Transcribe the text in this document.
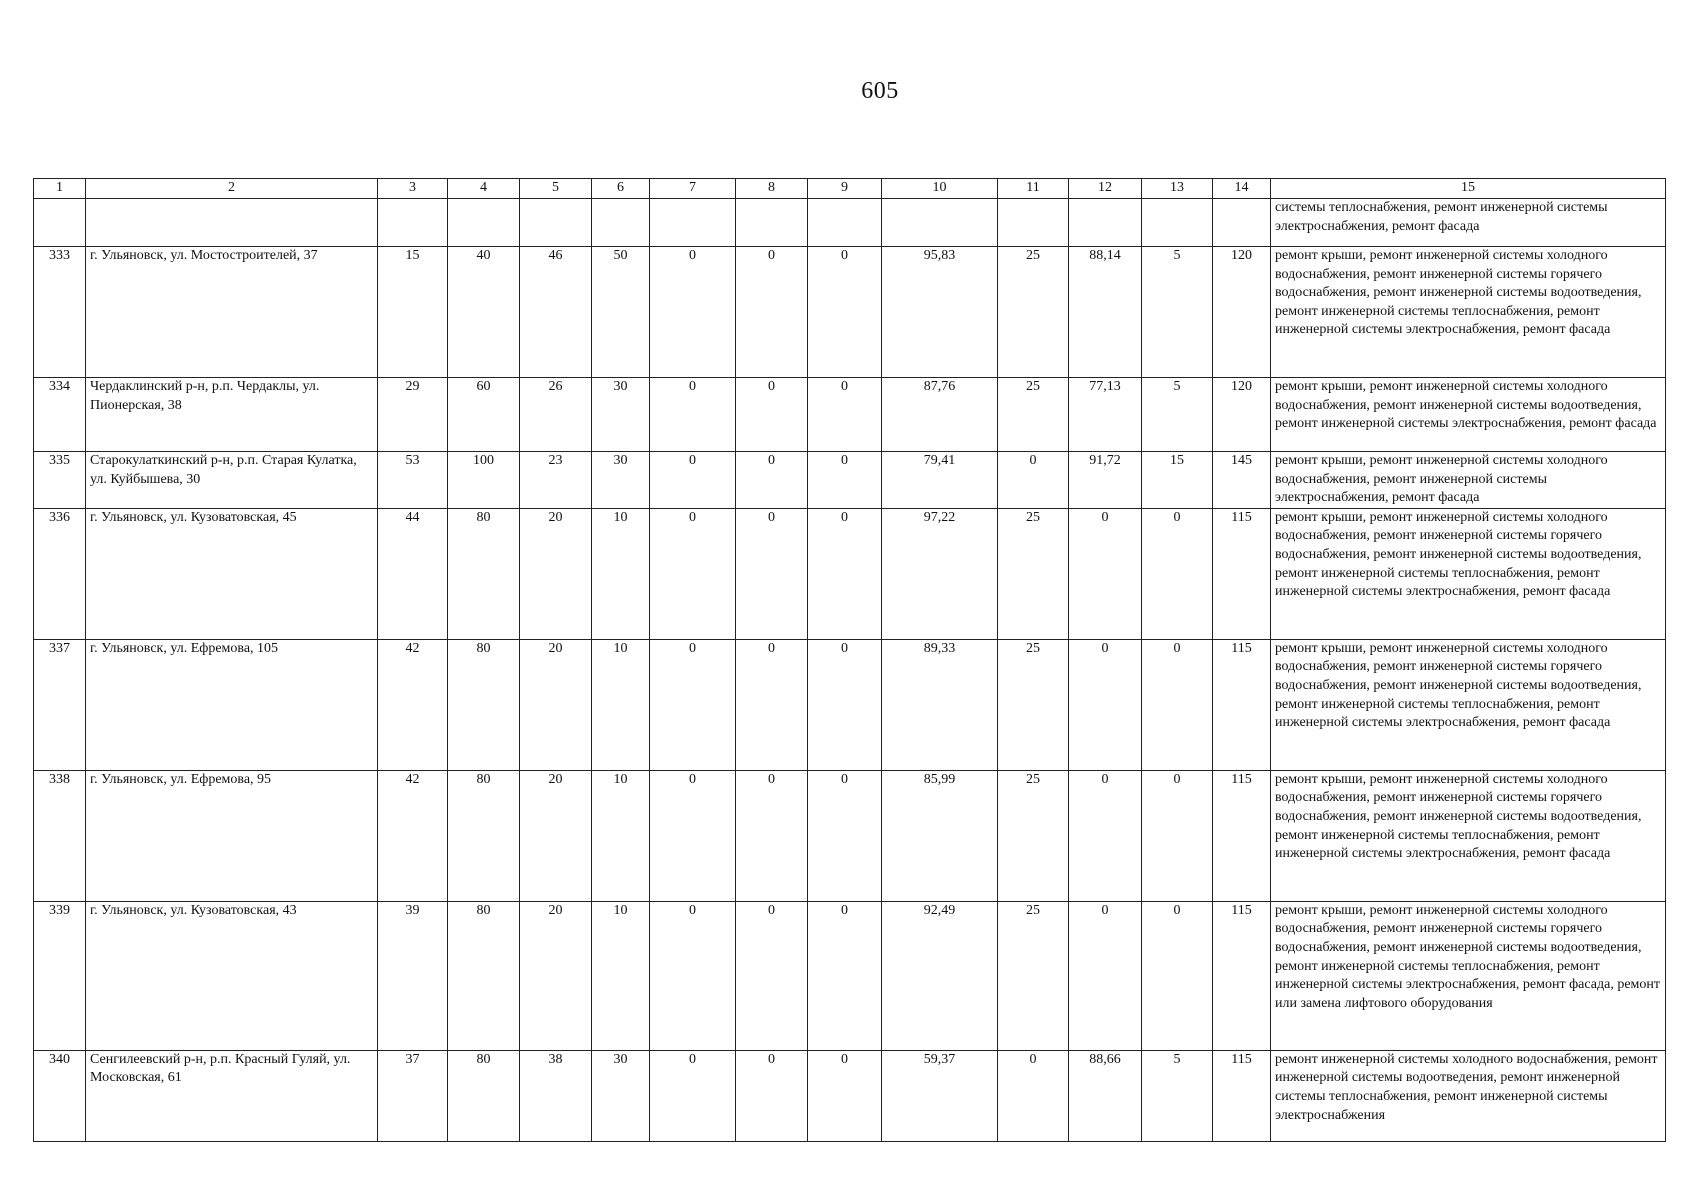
605
1	2	3	4	5	6	7	8	9	10	11	12	13	14	15
														системы теплоснабжения, ремонт инженерной системы электроснабжения, ремонт фасада
333	г. Ульяновск, ул. Мостостроителей, 37	15	40	46	50	0	0	0	95,83	25	88,14	5	120	ремонт крыши, ремонт инженерной системы холодного водоснабжения, ремонт инженерной системы горячего водоснабжения, ремонт инженерной системы водоотведения, ремонт инженерной системы теплоснабжения, ремонт инженерной системы электроснабжения, ремонт фасада
334	Чердаклинский р-н, р.п. Чердаклы, ул. Пионерская, 38	29	60	26	30	0	0	0	87,76	25	77,13	5	120	ремонт крыши, ремонт инженерной системы холодного водоснабжения, ремонт инженерной системы водоотведения, ремонт инженерной системы электроснабжения, ремонт фасада
335	Старокулаткинский р-н, р.п. Старая Кулатка, ул. Куйбышева, 30	53	100	23	30	0	0	0	79,41	0	91,72	15	145	ремонт крыши, ремонт инженерной системы холодного водоснабжения, ремонт инженерной системы электроснабжения, ремонт фасада
336	г. Ульяновск, ул. Кузоватовская, 45	44	80	20	10	0	0	0	97,22	25	0	0	115	ремонт крыши, ремонт инженерной системы холодного водоснабжения, ремонт инженерной системы горячего водоснабжения, ремонт инженерной системы водоотведения, ремонт инженерной системы теплоснабжения, ремонт инженерной системы электроснабжения, ремонт фасада
337	г. Ульяновск, ул. Ефремова, 105	42	80	20	10	0	0	0	89,33	25	0	0	115	ремонт крыши, ремонт инженерной системы холодного водоснабжения, ремонт инженерной системы горячего водоснабжения, ремонт инженерной системы водоотведения, ремонт инженерной системы теплоснабжения, ремонт инженерной системы электроснабжения, ремонт фасада
338	г. Ульяновск, ул. Ефремова, 95	42	80	20	10	0	0	0	85,99	25	0	0	115	ремонт крыши, ремонт инженерной системы холодного водоснабжения, ремонт инженерной системы горячего водоснабжения, ремонт инженерной системы водоотведения, ремонт инженерной системы теплоснабжения, ремонт инженерной системы электроснабжения, ремонт фасада
339	г. Ульяновск, ул. Кузоватовская, 43	39	80	20	10	0	0	0	92,49	25	0	0	115	ремонт крыши, ремонт инженерной системы холодного водоснабжения, ремонт инженерной системы горячего водоснабжения, ремонт инженерной системы водоотведения, ремонт инженерной системы теплоснабжения, ремонт инженерной системы электроснабжения, ремонт фасада, ремонт или замена лифтового оборудования
340	Сенгилеевский р-н, р.п. Красный Гуляй, ул. Московская, 61	37	80	38	30	0	0	0	59,37	0	88,66	5	115	ремонт инженерной системы холодного водоснабжения, ремонт инженерной системы водоотведения, ремонт инженерной системы теплоснабжения, ремонт инженерной системы электроснабжения
